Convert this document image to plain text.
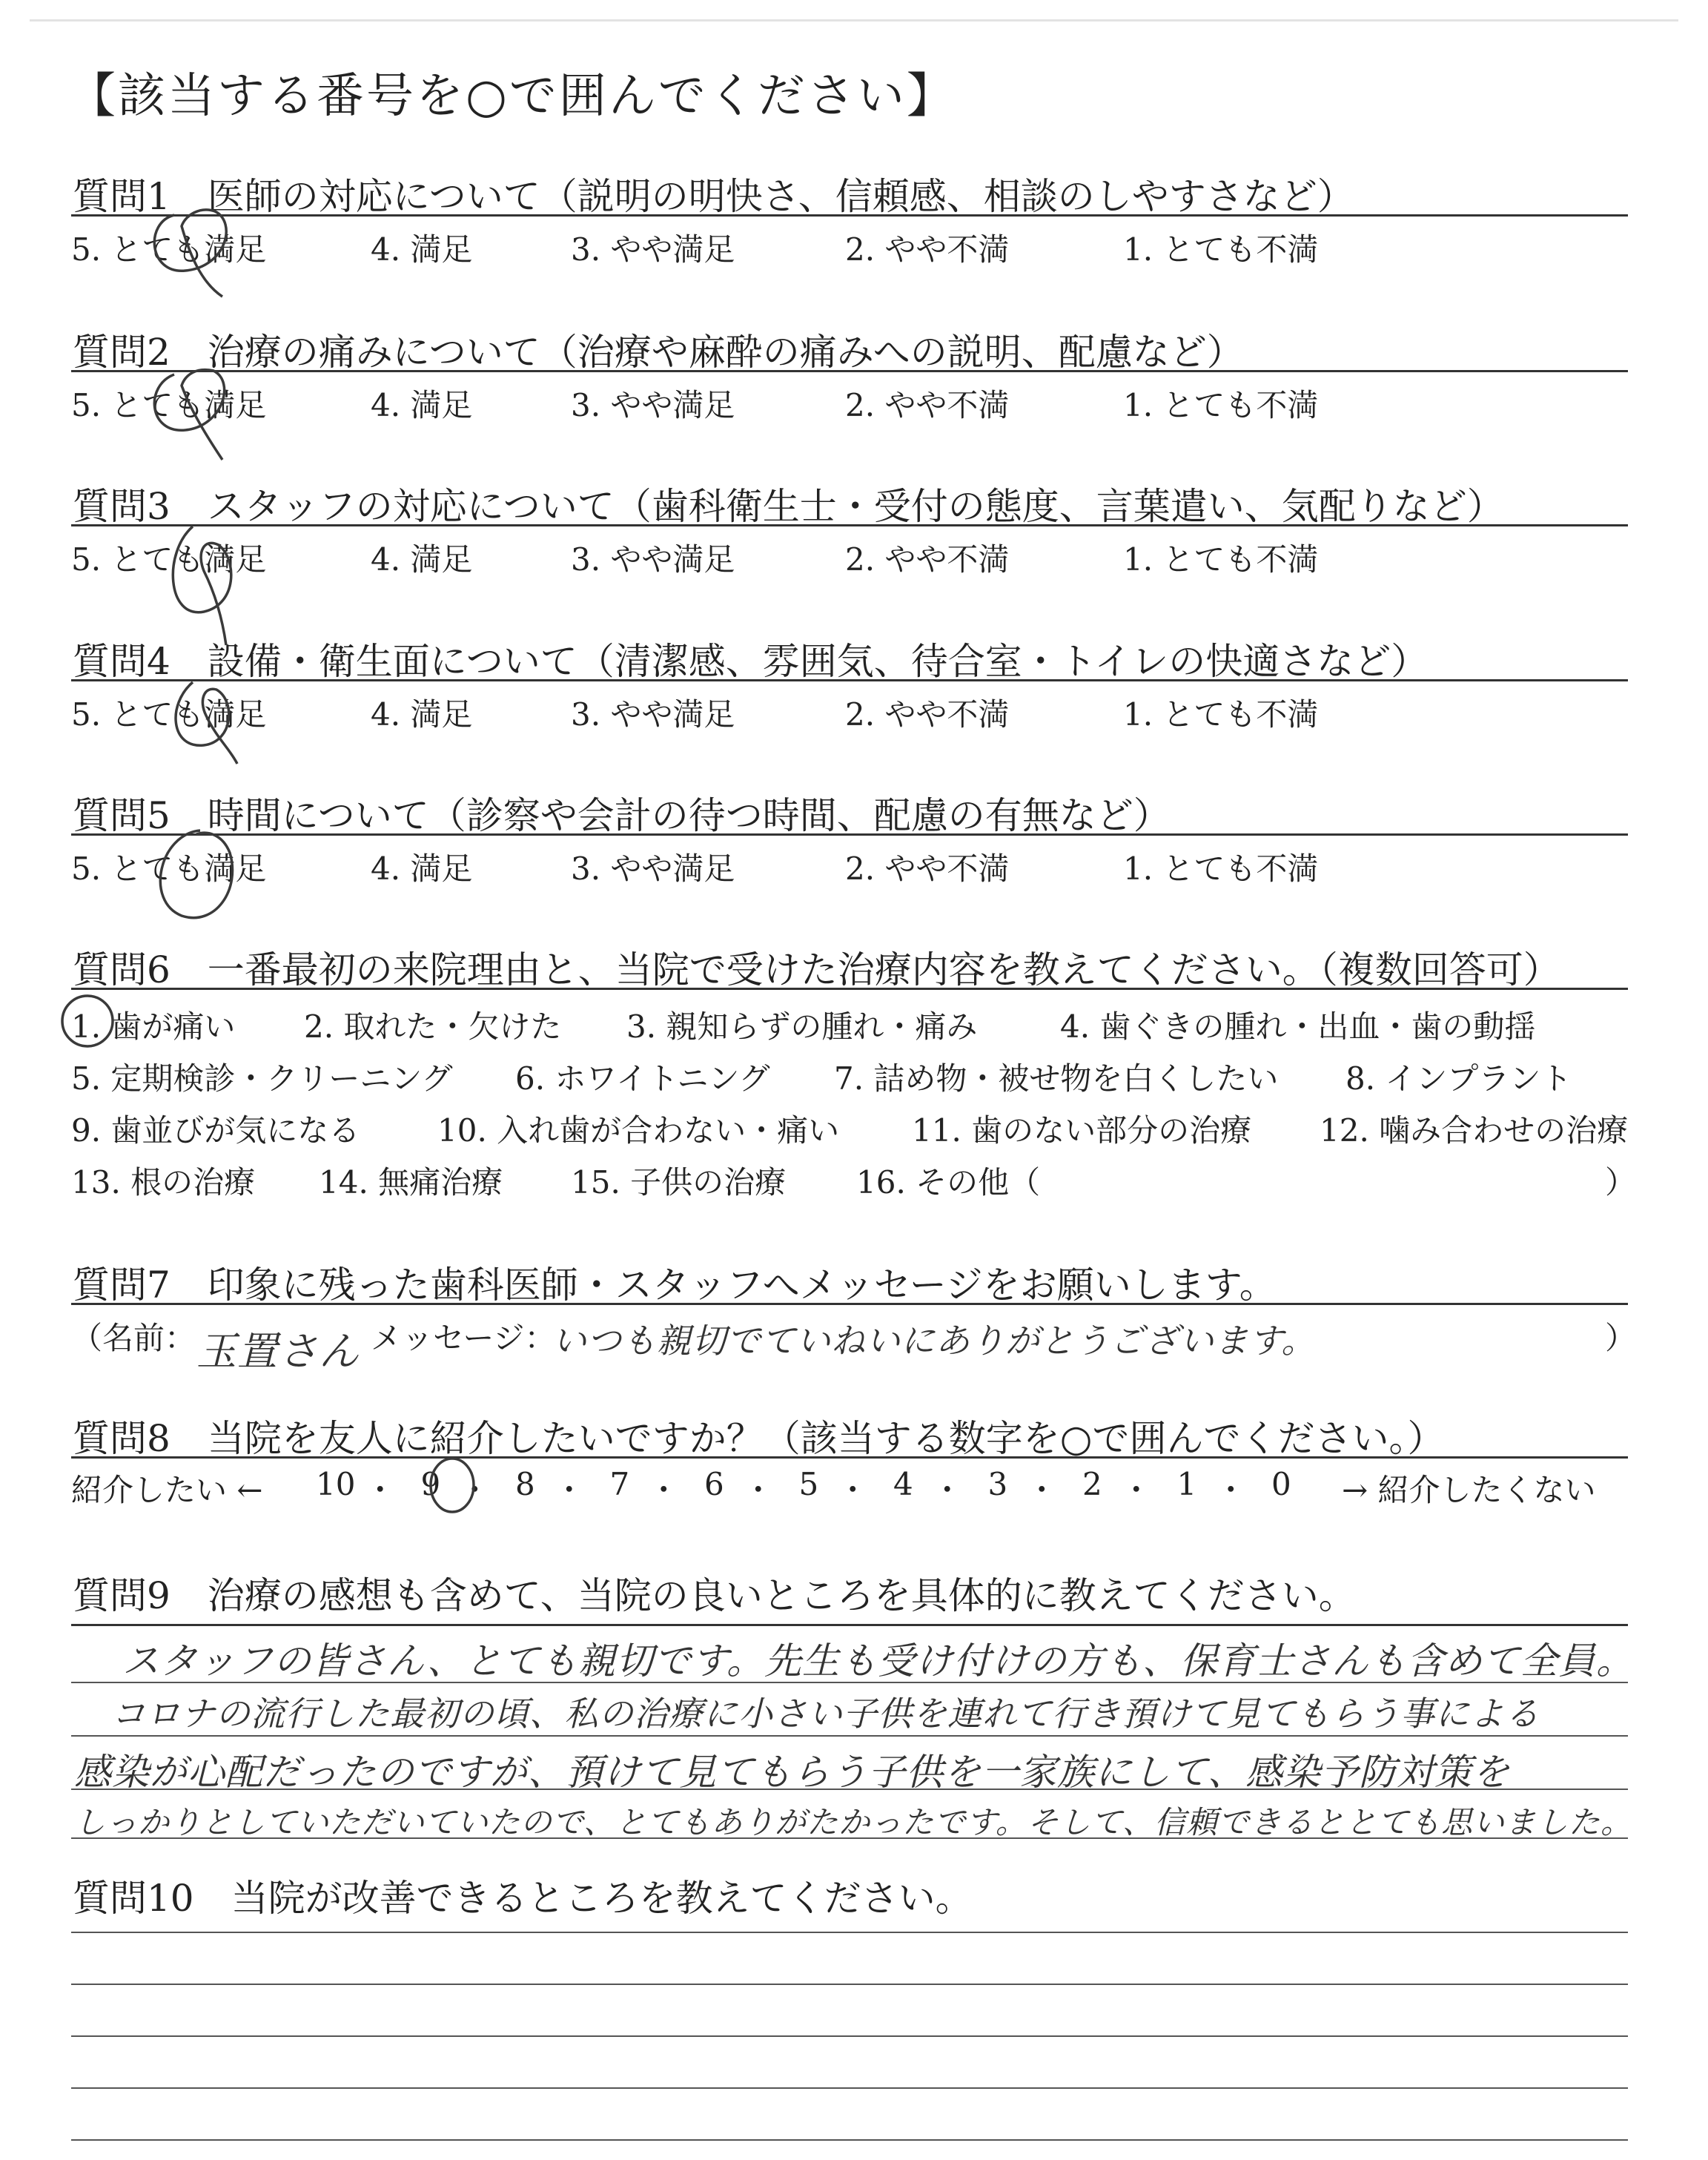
【該当する番号を○で囲んでください】
質問1　医師の対応について（説明の明快さ、信頼感、相談のしやすさなど）
5. とても満足	4. 満足	3. やや満足	2. やや不満	1. とても不満
質問2　治療の痛みについて（治療や麻酔の痛みへの説明、配慮など）
5. とても満足	4. 満足	3. やや満足	2. やや不満	1. とても不満
質問3　スタッフの対応について（歯科衛生士・受付の態度、言葉遣い、気配りなど）
5. とても満足	4. 満足	3. やや満足	2. やや不満	1. とても不満
質問4　設備・衛生面について（清潔感、雰囲気、待合室・トイレの快適さなど）
5. とても満足	4. 満足	3. やや満足	2. やや不満	1. とても不満
質問5　時間について（診察や会計の待つ時間、配慮の有無など）
5. とても満足	4. 満足	3. やや満足	2. やや不満	1. とても不満
質問6　一番最初の来院理由と、当院で受けた治療内容を教えてください。（複数回答可）
1. 歯が痛い 2. 取れた・欠けた 3. 親知らずの腫れ・痛み	4. 歯ぐきの腫れ・出血・歯の動揺
5. 定期検診・クリーニング 6. ホワイトニング 7. 詰め物・被せ物を白くしたい 8. インプラント
9. 歯並びが気になる 10. 入れ歯が合わない・痛い 11. 歯のない部分の治療 12. 噛み合わせの治療
13. 根の治療 14. 無痛治療 15. 子供の治療 16. その他（	）
質問7　印象に残った歯科医師・スタッフへメッセージをお願いします。
（名前： 玉置さん メッセージ：
いつも親切でていねいにありがとうございます。	）
質問8　当院を友人に紹介したいですか？（該当する数字を○で囲んでください。）
紹介したい ← 10 ・ 9 ・ 8 ・ 7 ・ 6 ・ 5 ・ 4 ・ 3 ・ 2 ・ 1 ・ 0 → 紹介したくない
質問9　治療の感想も含めて、当院の良いところを具体的に教えてください。
スタッフの皆さん、とても親切です。先生も受け付けの方も、保育士さんも含めて全員。
コロナの流行した最初の頃、私の治療に小さい子供を連れて行き預けて見てもらう事による
感染が心配だったのですが、預けて見てもらう子供を一家族にして、感染予防対策を
しっかりとしていただいていたので、とてもありがたかったです。そして、信頼できるととても思いました。
質問10　当院が改善できるところを教えてください。
